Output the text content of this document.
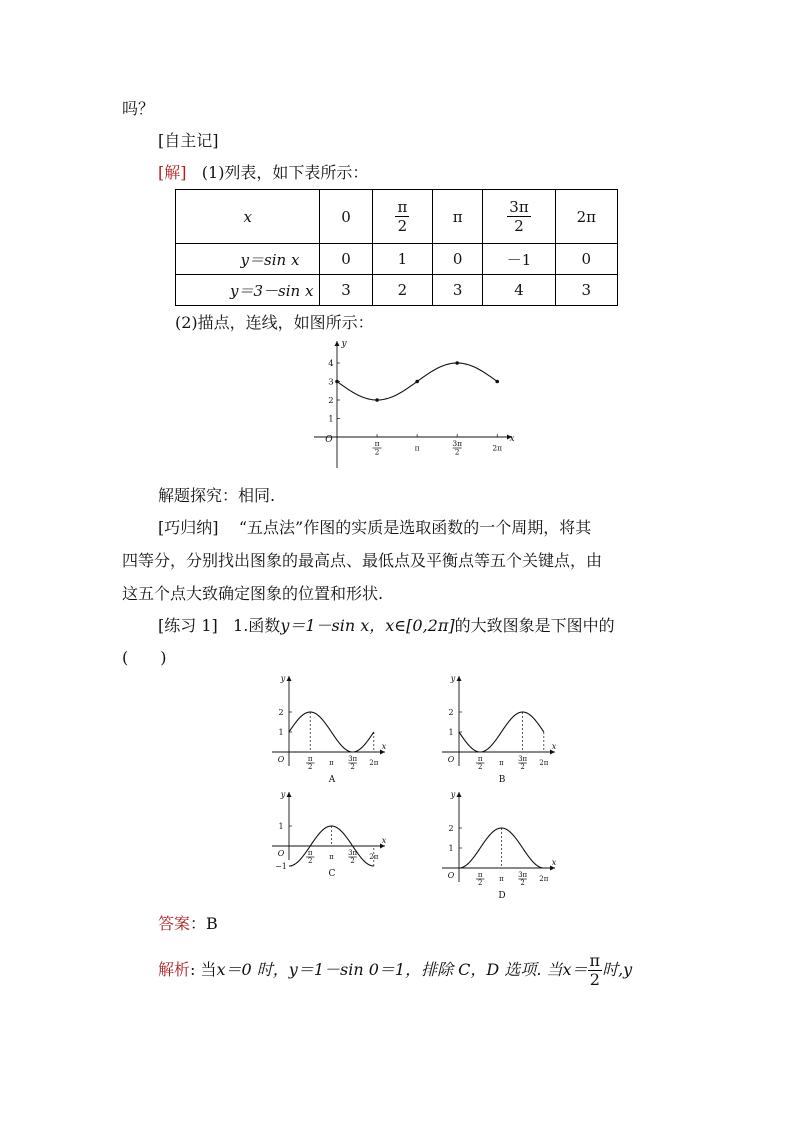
吗？
[自主记]
[解] (1)列表，如下表所示：
x	0	$\frac{\pi}{2}$	π	$\frac{3\pi}{2}$	2π
y＝sin x	0	1	0	－1	0
y＝3－sin x	3	2	3	4	3
(2)描点，连线，如图所示：
y
x
O
4
3
2
1
π
2	π	3π
2	2π
解题探究：相同.
[巧归纳] “五点法”作图的实质是选取函数的一个周期，将其
四等分，分别找出图象的最高点、最低点及平衡点等五个关键点，由
这五个点大致确定图象的位置和形状.
[练习 1] 1.函数y＝1－sin x，x∈[0,2π]的大致图象是下图中的
(　　)
y
x
O
2
1
π
2 π
3π
2 2π
A
y
x
O
2
1
π
2 π
3π
2 2π
B
y
x
O
1
−1
π
2 π
3π
2 2π
C
y
x
O
2
1
π
2 π
3π
2 2π
D
答案：B
解析: 当x＝0 时，y＝1－sin 0＝1，排除 C，D 选项. 当$x= \frac{\pi}{2}$ 时,y
